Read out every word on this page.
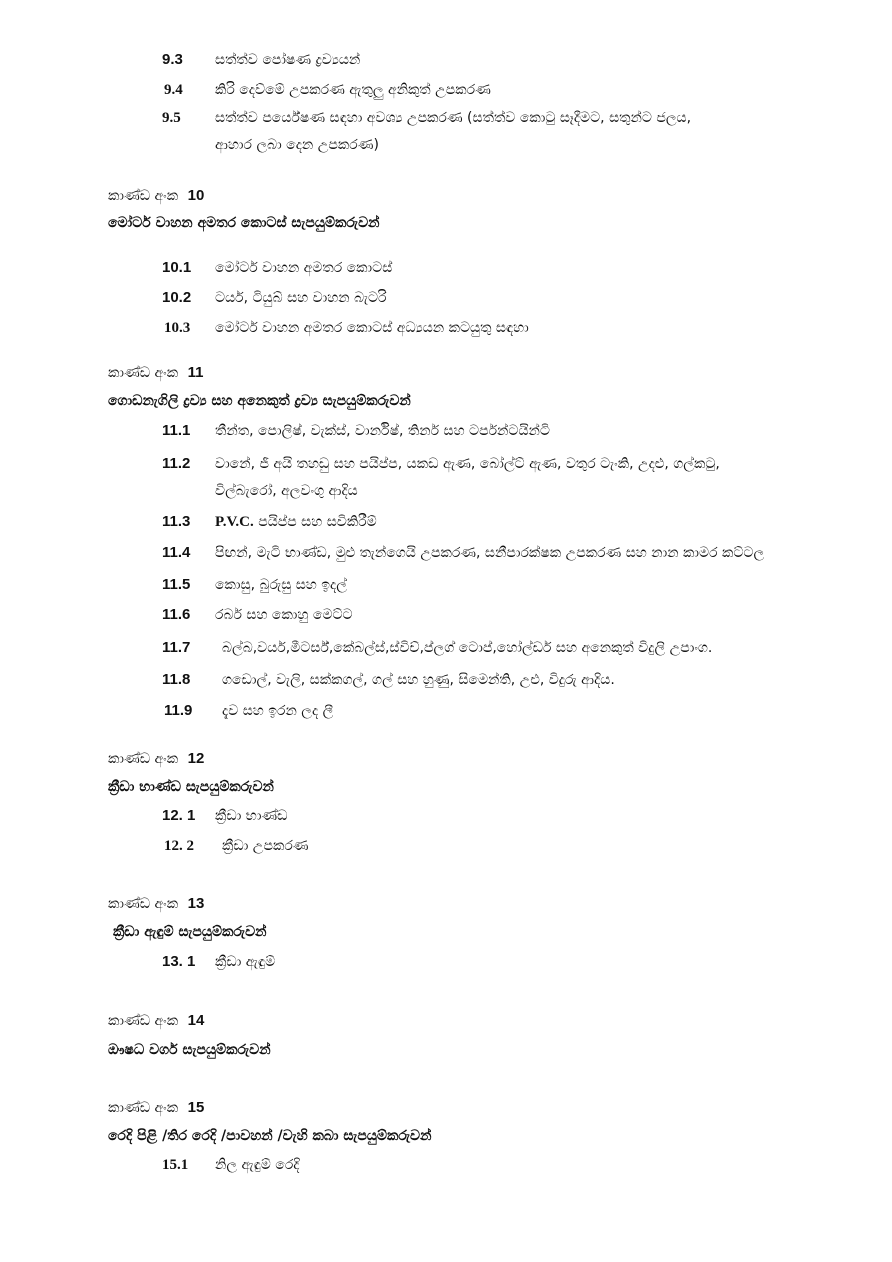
9.3 සත්ත්ව පෝෂණ ද්‍රව්‍යයන්
9.4 කිරි දෙව්මේ උපකරණ ඇතුලු අනිකුත් උපකරණ
9.5 සත්ත්ව පර්යේෂණ සඳහා අවශ්‍ය උපකරණ (සත්ත්ව කොටු සෑදීමට, සතුන්ට ජලය,
ආහාර ලබා දෙන උපකරණ)
කාණ්ඩ අංක 10
මෝටර් වාහන අමතර කොටස් සැපයුම්කරුවන්
10.1 මෝටර් වාහන අමතර කොටස්
10.2 ටයර්, ටියුබ් සහ වාහන බැටරි
10.3 මෝටර් වාහන අමතර කොටස් අධ්‍යයන කටයුතු සඳහා
කාණ්ඩ අංක 11
ගොඩනැගිලි ද්‍රව්‍ය සහ අනෙකුත් ද්‍රව්‍ය සැපයුම්කරුවන්
11.1 තීන්ත, පොලිෂ්, වැක්ස්, වාර්නිෂ්, තිනර් සහ ටර්පන්ටයින්ටි
11.2 වානේ, ජී අයි තහඩු සහ පයිප්ප, යකඩ ඇණ, බෝල්ට් ඇණ, වතුර ටැංකි, උදළු, ගල්කටු,
විල්බැරෝ, අලවංගු ආදිය
11.3 P.V.C. පයිප්ප සහ සවිකිරීම්
11.4 පිඟන්, මැටි භාණ්ඩ, මුළු තැන්ගෙයි උපකරණ, සනීපාරක්ෂක උපකරණ සහ නාන කාමර කට්ටල
11.5 කොසු, බුරුසු සහ ඉදල්
11.6 රබර් සහ කොහු මෙට්ට
11.7 බල්බ,වයර්,මීටර්ස්,කේබල්ස්,ස්විච්,ප්ලග් ටොප්,හෝල්ඩර් සහ අනෙකුත් විදුලි උපාංග.
11.8 ගඩොල්, වැලි, සක්කගල්, ගල් සහ හුණු, සිමෙන්ති, උළු, විදුරු ආදිය.
11.9 දැව සහ ඉරන ලද ලී
කාණ්ඩ අංක 12
ක්‍රීඩා භාණ්ඩ සැපයුම්කරුවන්
12. 1 ක්‍රීඩා භාණ්ඩ
12. 2 ක්‍රීඩා උපකරණ
කාණ්ඩ අංක 13
ක්‍රීඩා ඇඳුම් සැපයුම්කරුවන්
13. 1 ක්‍රීඩා ඇඳුම්
කාණ්ඩ අංක 14
ඖෂධ වර්ග සැපයුම්කරුවන්
කාණ්ඩ අංක 15
රෙදි පිළි /තිර රෙදි /පාවහන් /වැහි කබා සැපයුම්කරුවන්
15.1 නිල ඇඳුම් රෙදි
